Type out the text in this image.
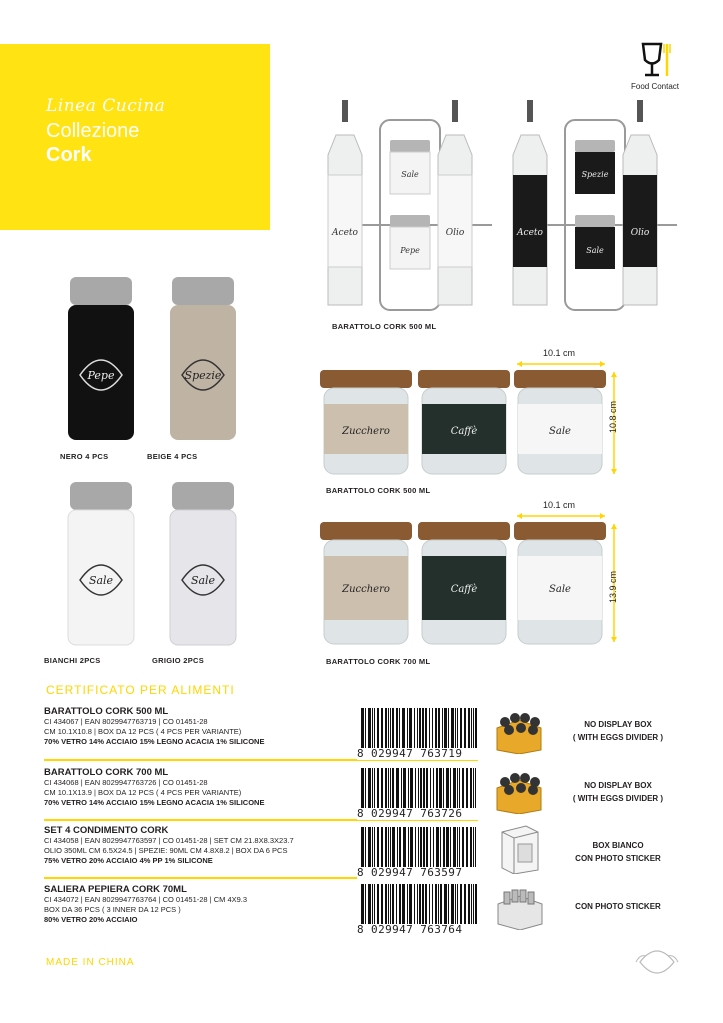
Linea Cucina
Collezione
Cork
Food Contact
Aceto
Sale
Pepe
Olio	Aceto
Spezie
Sale
Olio
BARATTOLO CORK 500 ML
Pepe	Spezie
NERO 4 PCS	BEIGE 4 PCS
Sale	Sale
BIANCHI 2PCS	GRIGIO 2PCS
Zucchero	Caffè	Sale
10.1 cm
10.8 cm
BARATTOLO CORK 500 ML
Zucchero	Caffè	Sale
10.1 cm
13.9 cm
BARATTOLO CORK 700 ML
CERTIFICATO PER ALIMENTI
BARATTOLO CORK 500 ML
CI 434067 | EAN 8029947763719 | CO 01451-28
CM 10.1X10.8 | BOX DA 12 PCS ( 4 PCS PER VARIANTE)
70% VETRO 14% ACCIAIO 15% LEGNO ACACIA 1% SILICONE
BARATTOLO CORK 700 ML
CI 434068 | EAN 8029947763726 | CO 01451-28
CM 10.1X13.9 | BOX DA 12 PCS ( 4 PCS PER VARIANTE)
70% VETRO 14% ACCIAIO 15% LEGNO ACACIA 1% SILICONE
SET 4 CONDIMENTO CORK
CI 434058 | EAN 8029947763597 | CO 01451-28 | SET CM 21.8X8.3X23.7
OLIO 350ML CM 6.5X24.5 | SPEZIE: 90ML CM 4.8X8.2 | BOX DA 6 PCS
75% VETRO 20% ACCIAIO 4% PP 1% SILICONE
SALIERA PEPIERA CORK 70ML
CI 434072 | EAN 8029947763764 | CO 01451-28 | CM 4X9.3
BOX DA 36 PCS ( 3 INNER DA 12 PCS )
80% VETRO 20% ACCIAIO
8 029947 763719
8 029947 763726
8 029947 763597
8 029947 763764
NO DISPLAY BOX
( WITH EGGS DIVIDER )
NO DISPLAY BOX
( WITH EGGS DIVIDER )
BOX BIANCO
CON PHOTO STICKER
CON PHOTO STICKER
MADE IN CHINA
